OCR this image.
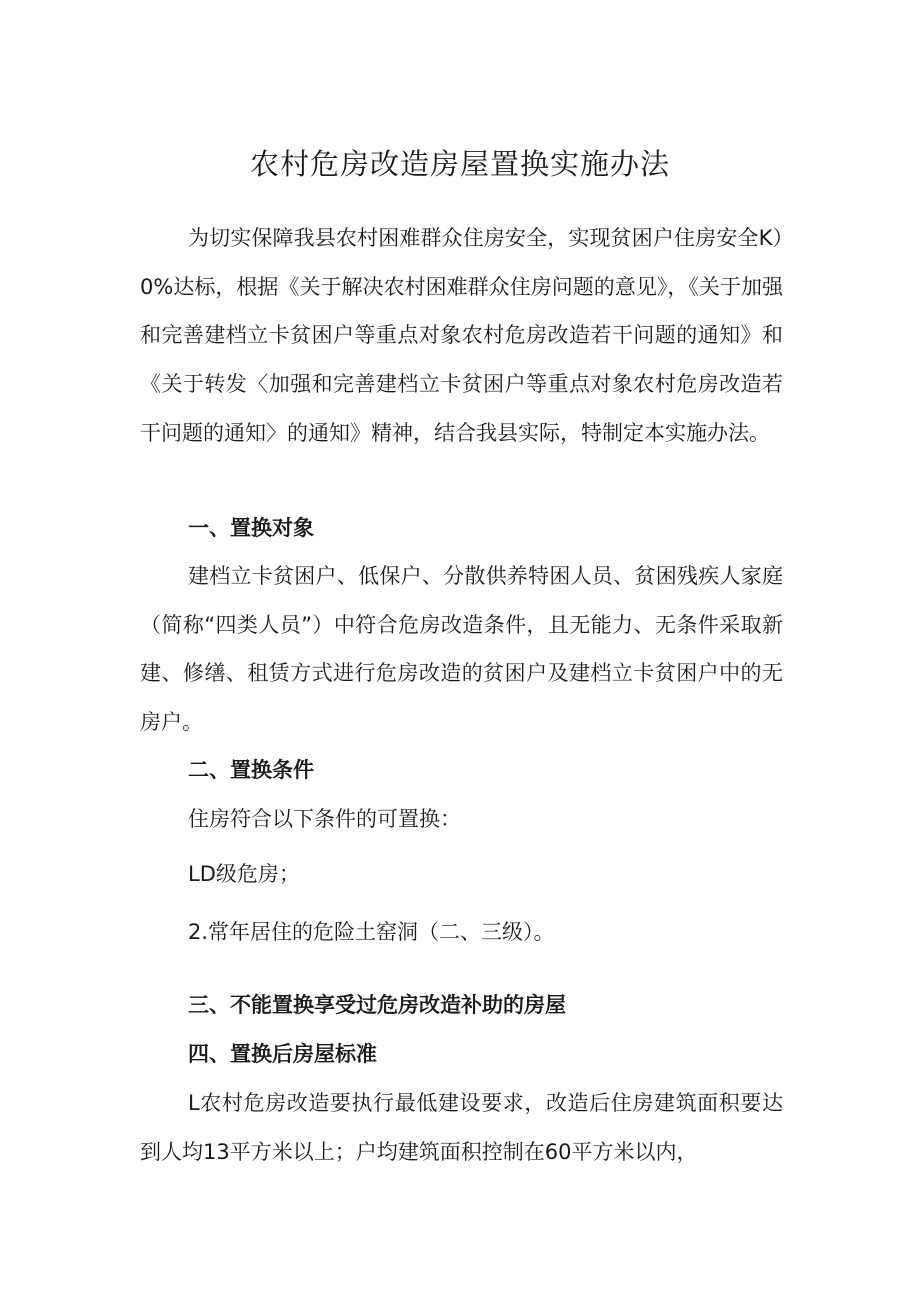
农村危房改造房屋置换实施办法

为切实保障我县农村困难群众住房安全，实现贫困户住房安全K）0%达标，根据《关于解决农村困难群众住房问题的意见》，《关于加强和完善建档立卡贫困户等重点对象农村危房改造若干问题的通知》和《关于转发〈加强和完善建档立卡贫困户等重点对象农村危房改造若干问题的通知〉的通知》精神，结合我县实际，特制定本实施办法。

一、置换对象

建档立卡贫困户、低保户、分散供养特困人员、贫困残疾人家庭（简称“四类人员”）中符合危房改造条件，且无能力、无条件采取新建、修缮、租赁方式进行危房改造的贫困户及建档立卡贫困户中的无房户。

二、置换条件

住房符合以下条件的可置换：

LD级危房；

2.常年居住的危险土窑洞（二、三级）。

三、不能置换享受过危房改造补助的房屋
四、置换后房屋标准

L农村危房改造要执行最低建设要求，改造后住房建筑面积要达到人均13平方米以上；户均建筑面积控制在60平方米以内，
